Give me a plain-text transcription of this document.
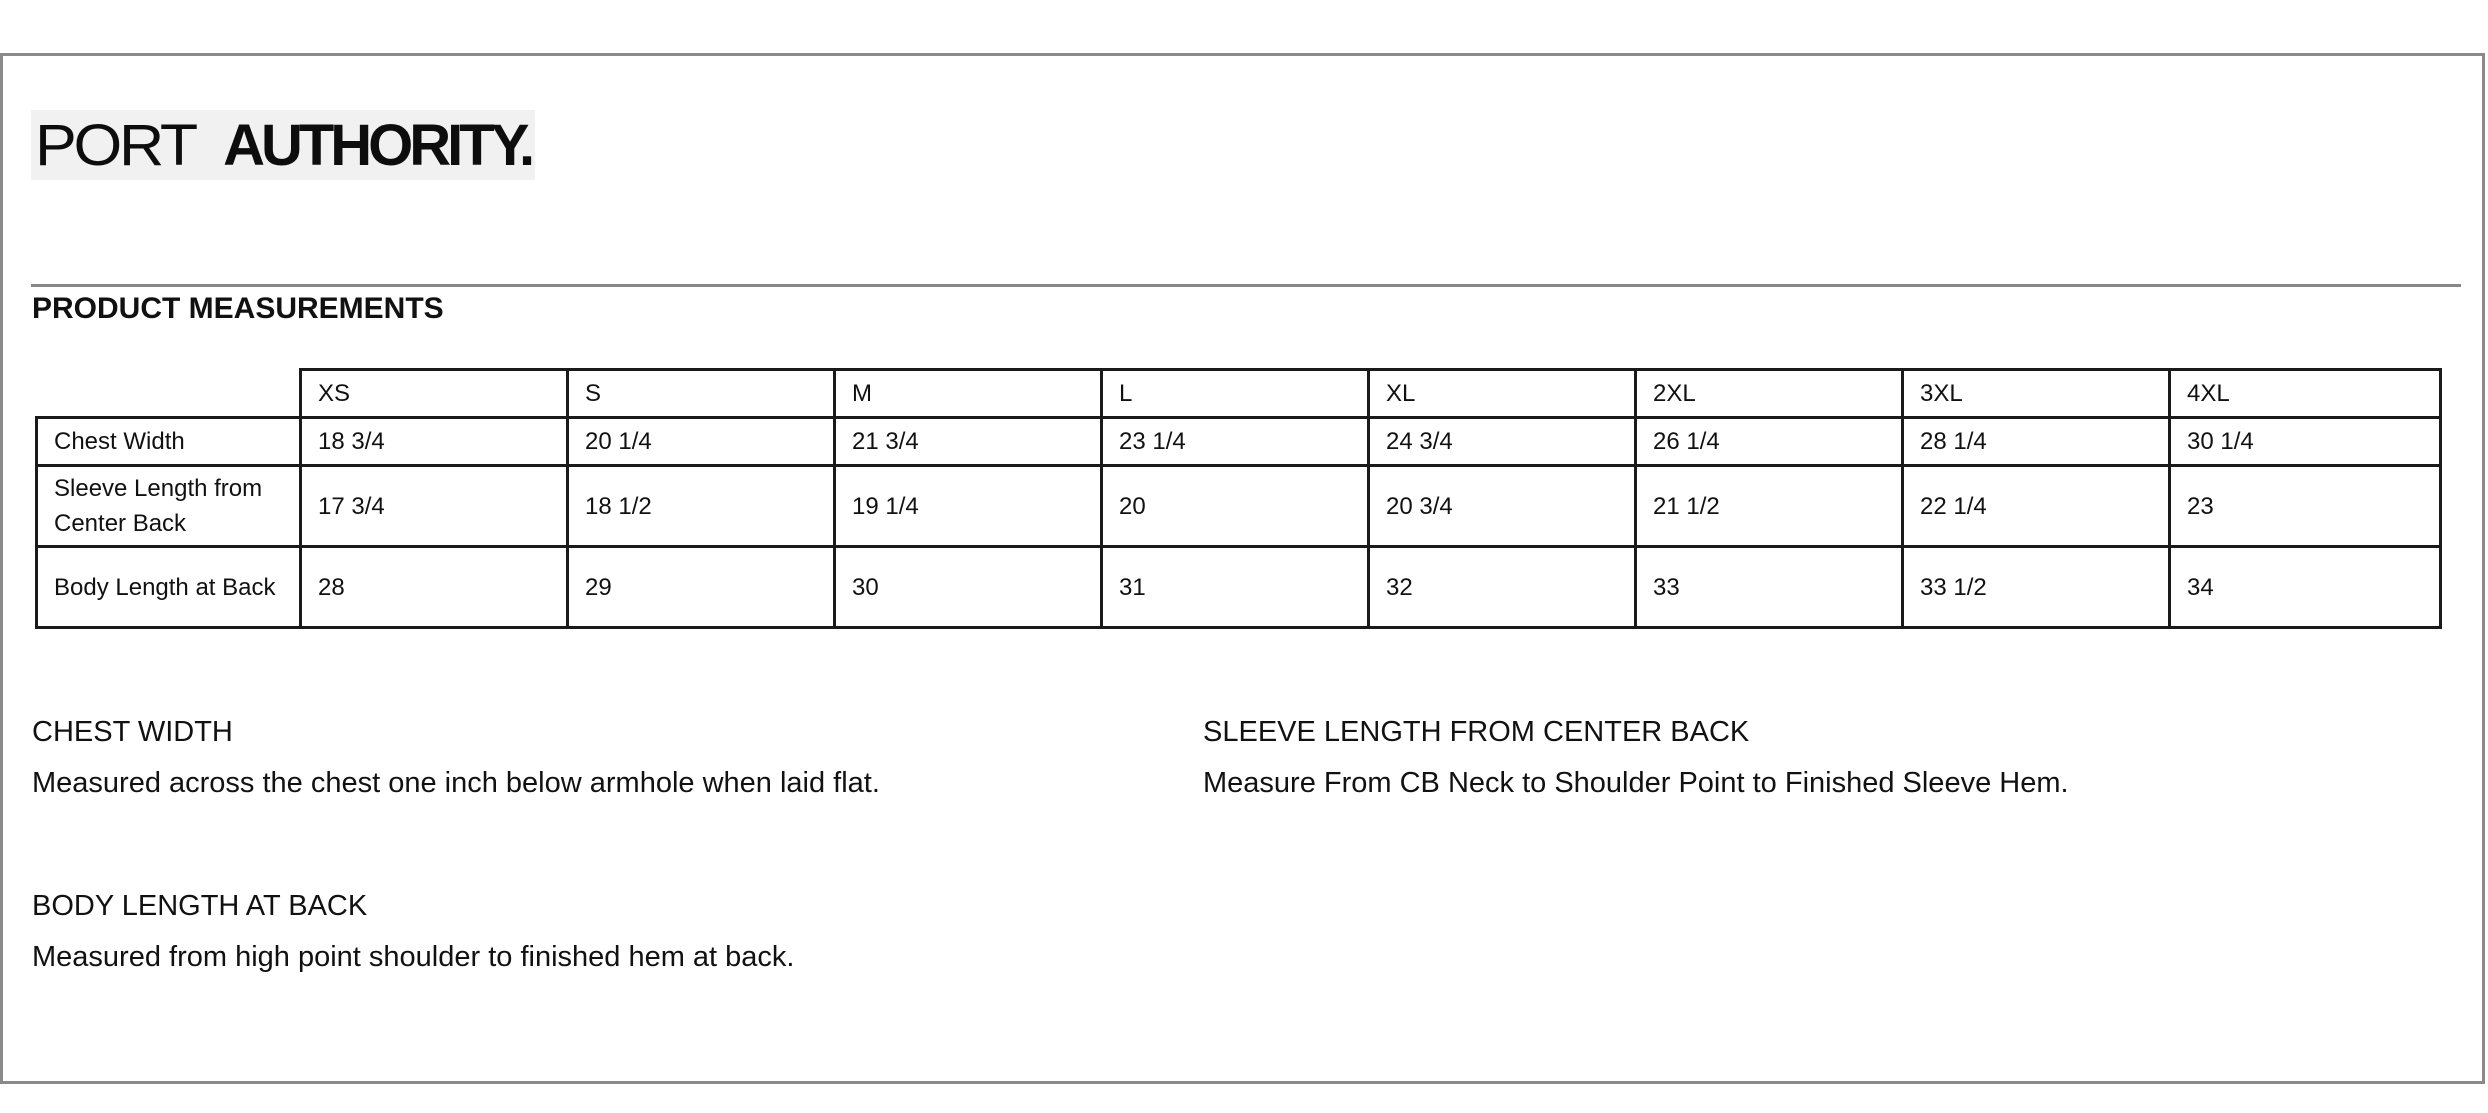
PORT AUTHORITY.
PRODUCT MEASUREMENTS
	XS	S	M	L	XL	2XL	3XL	4XL
Chest Width	18 3/4	20 1/4	21 3/4	23 1/4	24 3/4	26 1/4	28 1/4	30 1/4
Sleeve Length from Center Back	17 3/4	18 1/2	19 1/4	20	20 3/4	21 1/2	22 1/4	23
Body Length at Back	28	29	30	31	32	33	33 1/2	34
CHEST WIDTH

Measured across the chest one inch below armhole when laid flat.

SLEEVE LENGTH FROM CENTER BACK

Measure From CB Neck to Shoulder Point to Finished Sleeve Hem.

BODY LENGTH AT BACK

Measured from high point shoulder to finished hem at back.
